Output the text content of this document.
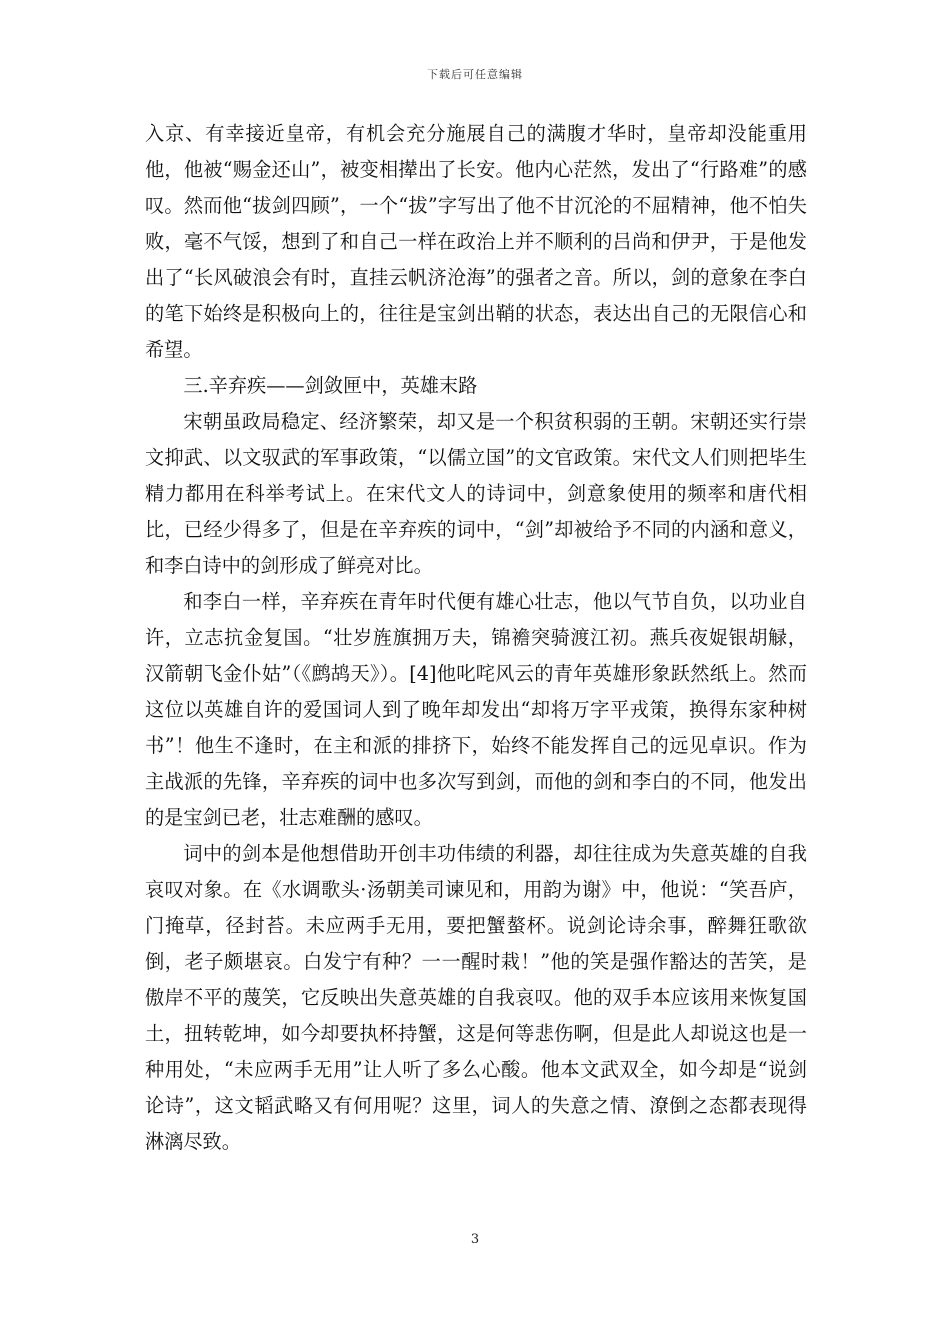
下载后可任意编辑

入京、有幸接近皇帝，有机会充分施展自己的满腹才华时，皇帝却没能重用他，他被“赐金还山”，被变相撵出了长安。他内心茫然，发出了“行路难”的感叹。然而他“拔剑四顾”，一个“拔”字写出了他不甘沉沦的不屈精神，他不怕失败，毫不气馁，想到了和自己一样在政治上并不顺利的吕尚和伊尹，于是他发出了“长风破浪会有时，直挂云帆济沧海”的强者之音。所以，剑的意象在李白的笔下始终是积极向上的，往往是宝剑出鞘的状态，表达出自己的无限信心和希望。

三.辛弃疾——剑敛匣中，英雄末路

宋朝虽政局稳定、经济繁荣，却又是一个积贫积弱的王朝。宋朝还实行崇文抑武、以文驭武的军事政策，“以儒立国”的文官政策。宋代文人们则把毕生精力都用在科举考试上。在宋代文人的诗词中，剑意象使用的频率和唐代相比，已经少得多了，但是在辛弃疾的词中，“剑”却被给予不同的内涵和意义，和李白诗中的剑形成了鲜亮对比。

和李白一样，辛弃疾在青年时代便有雄心壮志，他以气节自负，以功业自许，立志抗金复国。“壮岁旌旗拥万夫，锦襜突骑渡江初。燕兵夜娖银胡觮，汉箭朝飞金仆姑”（《鹧鸪天》）。[4]他叱咤风云的青年英雄形象跃然纸上。然而这位以英雄自许的爱国词人到了晚年却发出“却将万字平戎策，换得东家种树书”！他生不逢时，在主和派的排挤下，始终不能发挥自己的远见卓识。作为主战派的先锋，辛弃疾的词中也多次写到剑，而他的剑和李白的不同，他发出的是宝剑已老，壮志难酬的感叹。

词中的剑本是他想借助开创丰功伟绩的利器，却往往成为失意英雄的自我哀叹对象。在《水调歌头·汤朝美司谏见和，用韵为谢》中，他说：“笑吾庐，门掩草，径封苔。未应两手无用，要把蟹螯杯。说剑论诗余事，醉舞狂歌欲倒，老子颇堪哀。白发宁有种？一一醒时栽！”他的笑是强作豁达的苦笑，是傲岸不平的蔑笑，它反映出失意英雄的自我哀叹。他的双手本应该用来恢复国土，扭转乾坤，如今却要执杯持蟹，这是何等悲伤啊，但是此人却说这也是一种用处，“未应两手无用”让人听了多么心酸。他本文武双全，如今却是“说剑论诗”，这文韬武略又有何用呢？这里，词人的失意之情、潦倒之态都表现得淋漓尽致。

3
